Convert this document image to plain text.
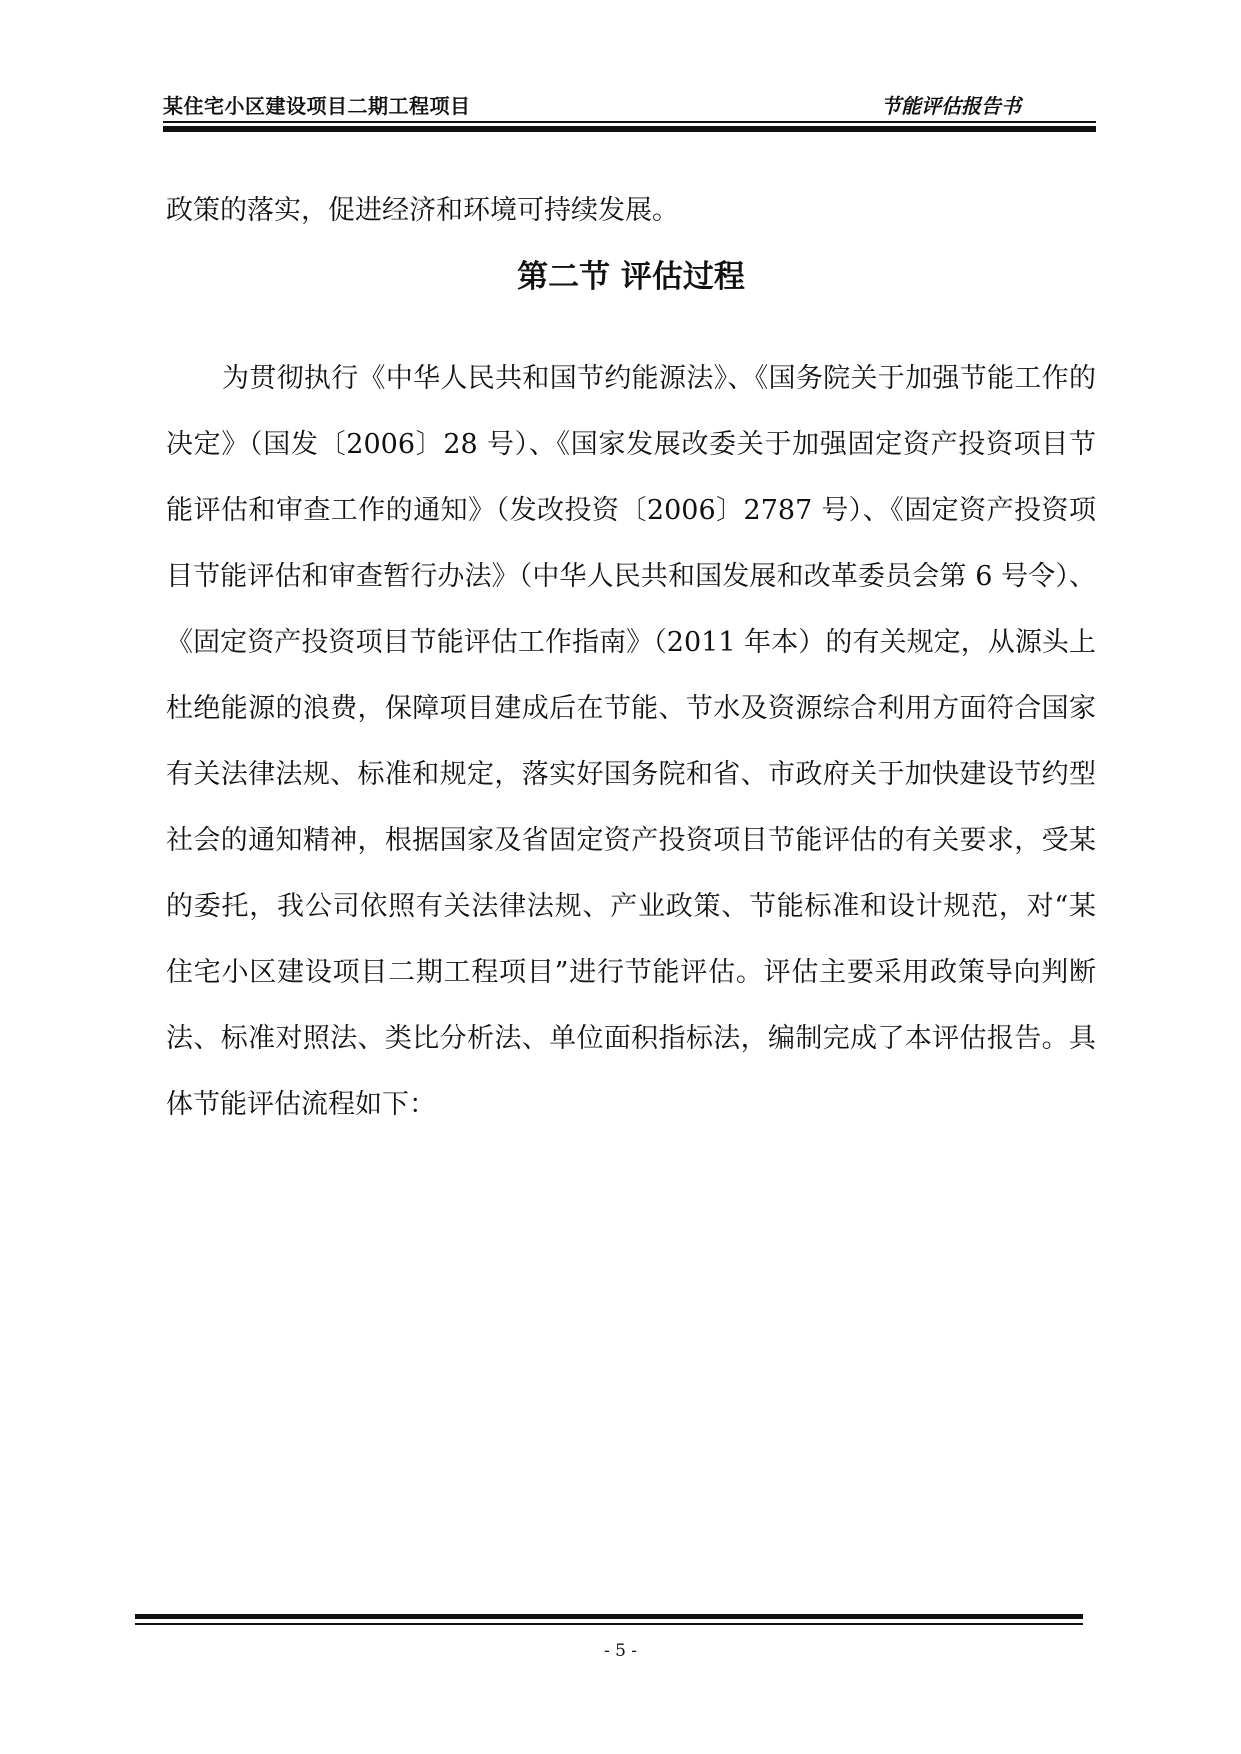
某住宅小区建设项目二期工程项目	节能评估报告书

政策的落实，促进经济和环境可持续发展。

第二节 评估过程

为贯彻执行《中华人民共和国节约能源法》、《国务院关于加强节能工作的决定》（国发〔2006〕28 号）、《国家发展改委关于加强固定资产投资项目节能评估和审查工作的通知》（发改投资〔2006〕2787 号）、《固定资产投资项目节能评估和审查暂行办法》（中华人民共和国发展和改革委员会第 6 号令）、《固定资产投资项目节能评估工作指南》（2011 年本）的有关规定，从源头上杜绝能源的浪费，保障项目建成后在节能、节水及资源综合利用方面符合国家有关法律法规、标准和规定，落实好国务院和省、市政府关于加快建设节约型社会的通知精神，根据国家及省固定资产投资项目节能评估的有关要求，受某的委托，我公司依照有关法律法规、产业政策、节能标准和设计规范，对“某住宅小区建设项目二期工程项目”进行节能评估。评估主要采用政策导向判断法、标准对照法、类比分析法、单位面积指标法，编制完成了本评估报告。具体节能评估流程如下：

- 5 -
